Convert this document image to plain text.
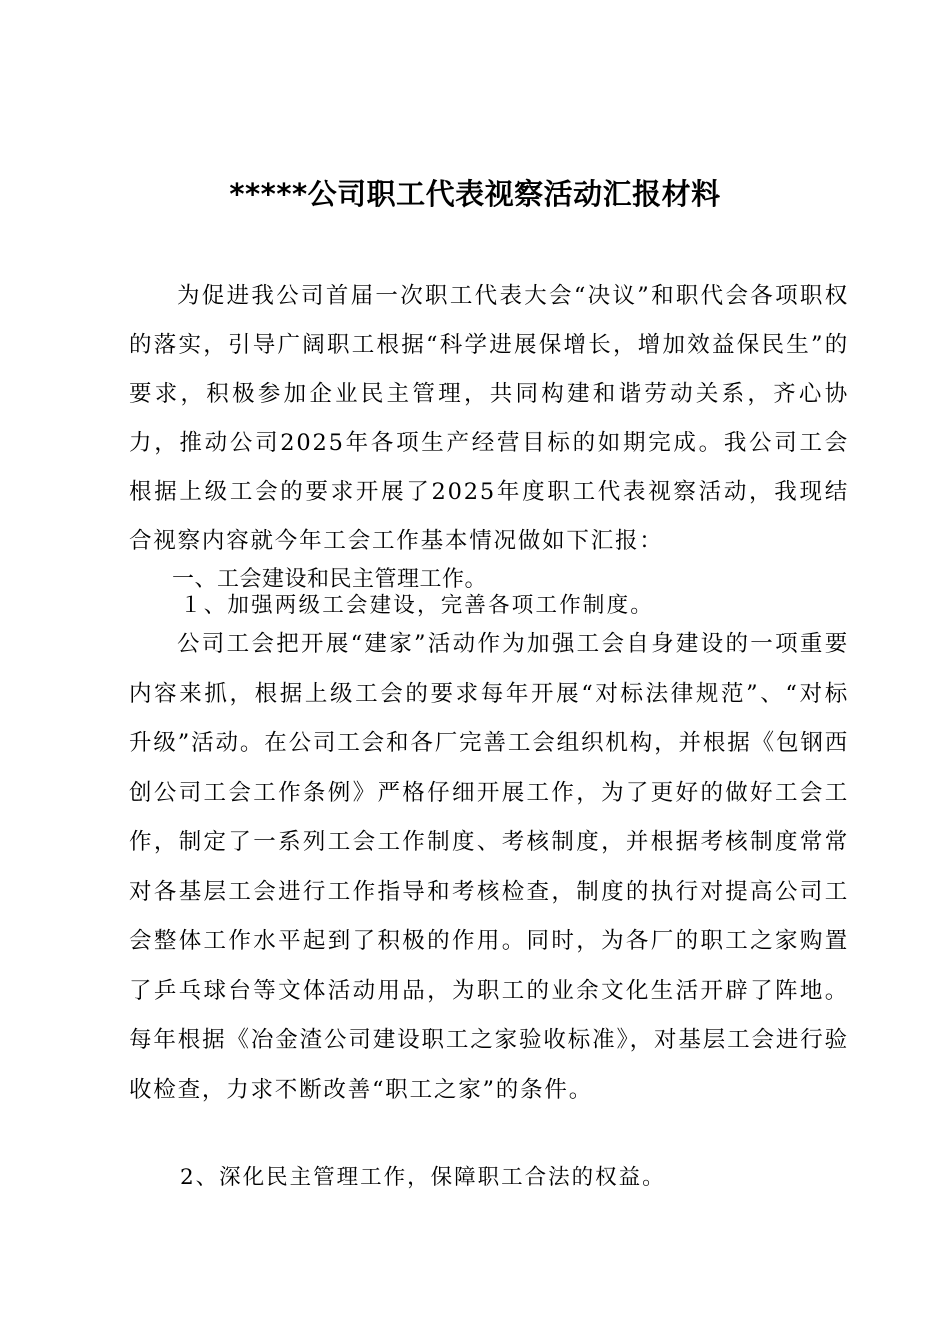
*****公司职工代表视察活动汇报材料
为促进我公司首届一次职工代表大会“决议”和职代会各项职权的落实，引导广阔职工根据“科学进展保增长，增加效益保民生”的要求，积极参加企业民主管理，共同构建和谐劳动关系，齐心协力，推动公司2025年各项生产经营目标的如期完成。我公司工会根据上级工会的要求开展了2025年度职工代表视察活动，我现结合视察内容就今年工会工作基本情况做如下汇报：
一、工会建设和民主管理工作。
１、加强两级工会建设，完善各项工作制度。
公司工会把开展“建家”活动作为加强工会自身建设的一项重要内容来抓，根据上级工会的要求每年开展“对标法律规范”、“对标升级”活动。在公司工会和各厂完善工会组织机构，并根据《包钢西创公司工会工作条例》严格仔细开展工作，为了更好的做好工会工作，制定了一系列工会工作制度、考核制度，并根据考核制度常常对各基层工会进行工作指导和考核检查，制度的执行对提高公司工会整体工作水平起到了积极的作用。同时，为各厂的职工之家购置了乒乓球台等文体活动用品，为职工的业余文化生活开辟了阵地。每年根据《冶金渣公司建设职工之家验收标准》，对基层工会进行验收检查，力求不断改善“职工之家”的条件。
2、深化民主管理工作，保障职工合法的权益。
